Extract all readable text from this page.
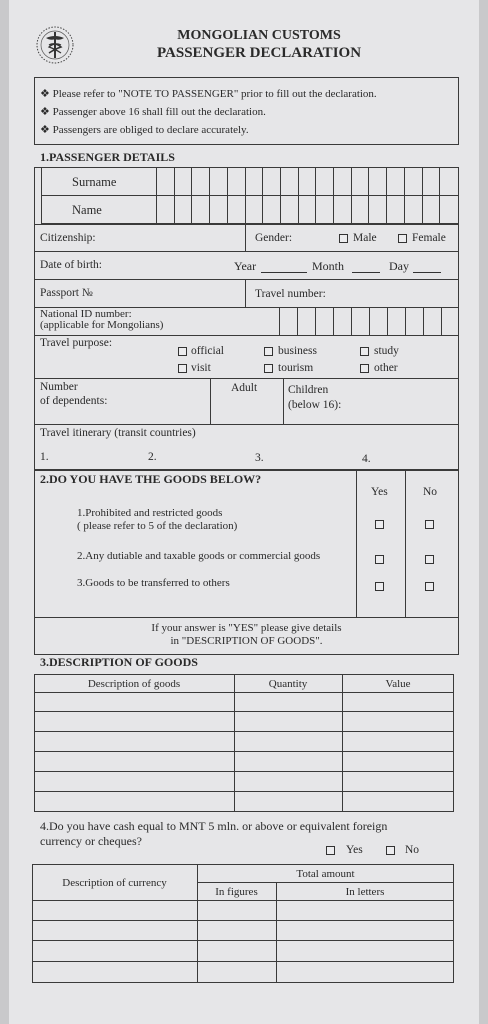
MONGOLIAN CUSTOMS
PASSENGER DECLARATION
❖ Please refer to "NOTE TO PASSENGER" prior to fill out the declaration.
❖ Passenger above 16 shall fill out the declaration.
❖ Passengers are obliged to declare accurately.
1.PASSENGER DETAILS
Surname
Name
Citizenship:	Gender:	Male	Female
Date of birth:	Year	Month	Day
Passport №	Travel number:
National ID number:
(applicable for Mongolians)
Travel purpose:
official	business	study
visit	tourism	other
Number
of dependents:
Adult	Children
(below 16):
Travel itinerary (transit countries)
1.	2.	3.	4.
2.DO YOU HAVE THE GOODS BELOW?
Yes	No
1.Prohibited and restricted goods
( please refer to 5 of the declaration)
2.Any dutiable and taxable goods or commercial goods
3.Goods to be transferred to others
If your answer is "YES" please give details
in "DESCRIPTION OF GOODS".
3.DESCRIPTION OF GOODS
Description of goods	Quantity	Value
4.Do you have cash equal to MNT 5 mln. or above or equivalent foreign
currency or cheques?
Yes	No
Description of currency
Total amount
In figures	In letters
